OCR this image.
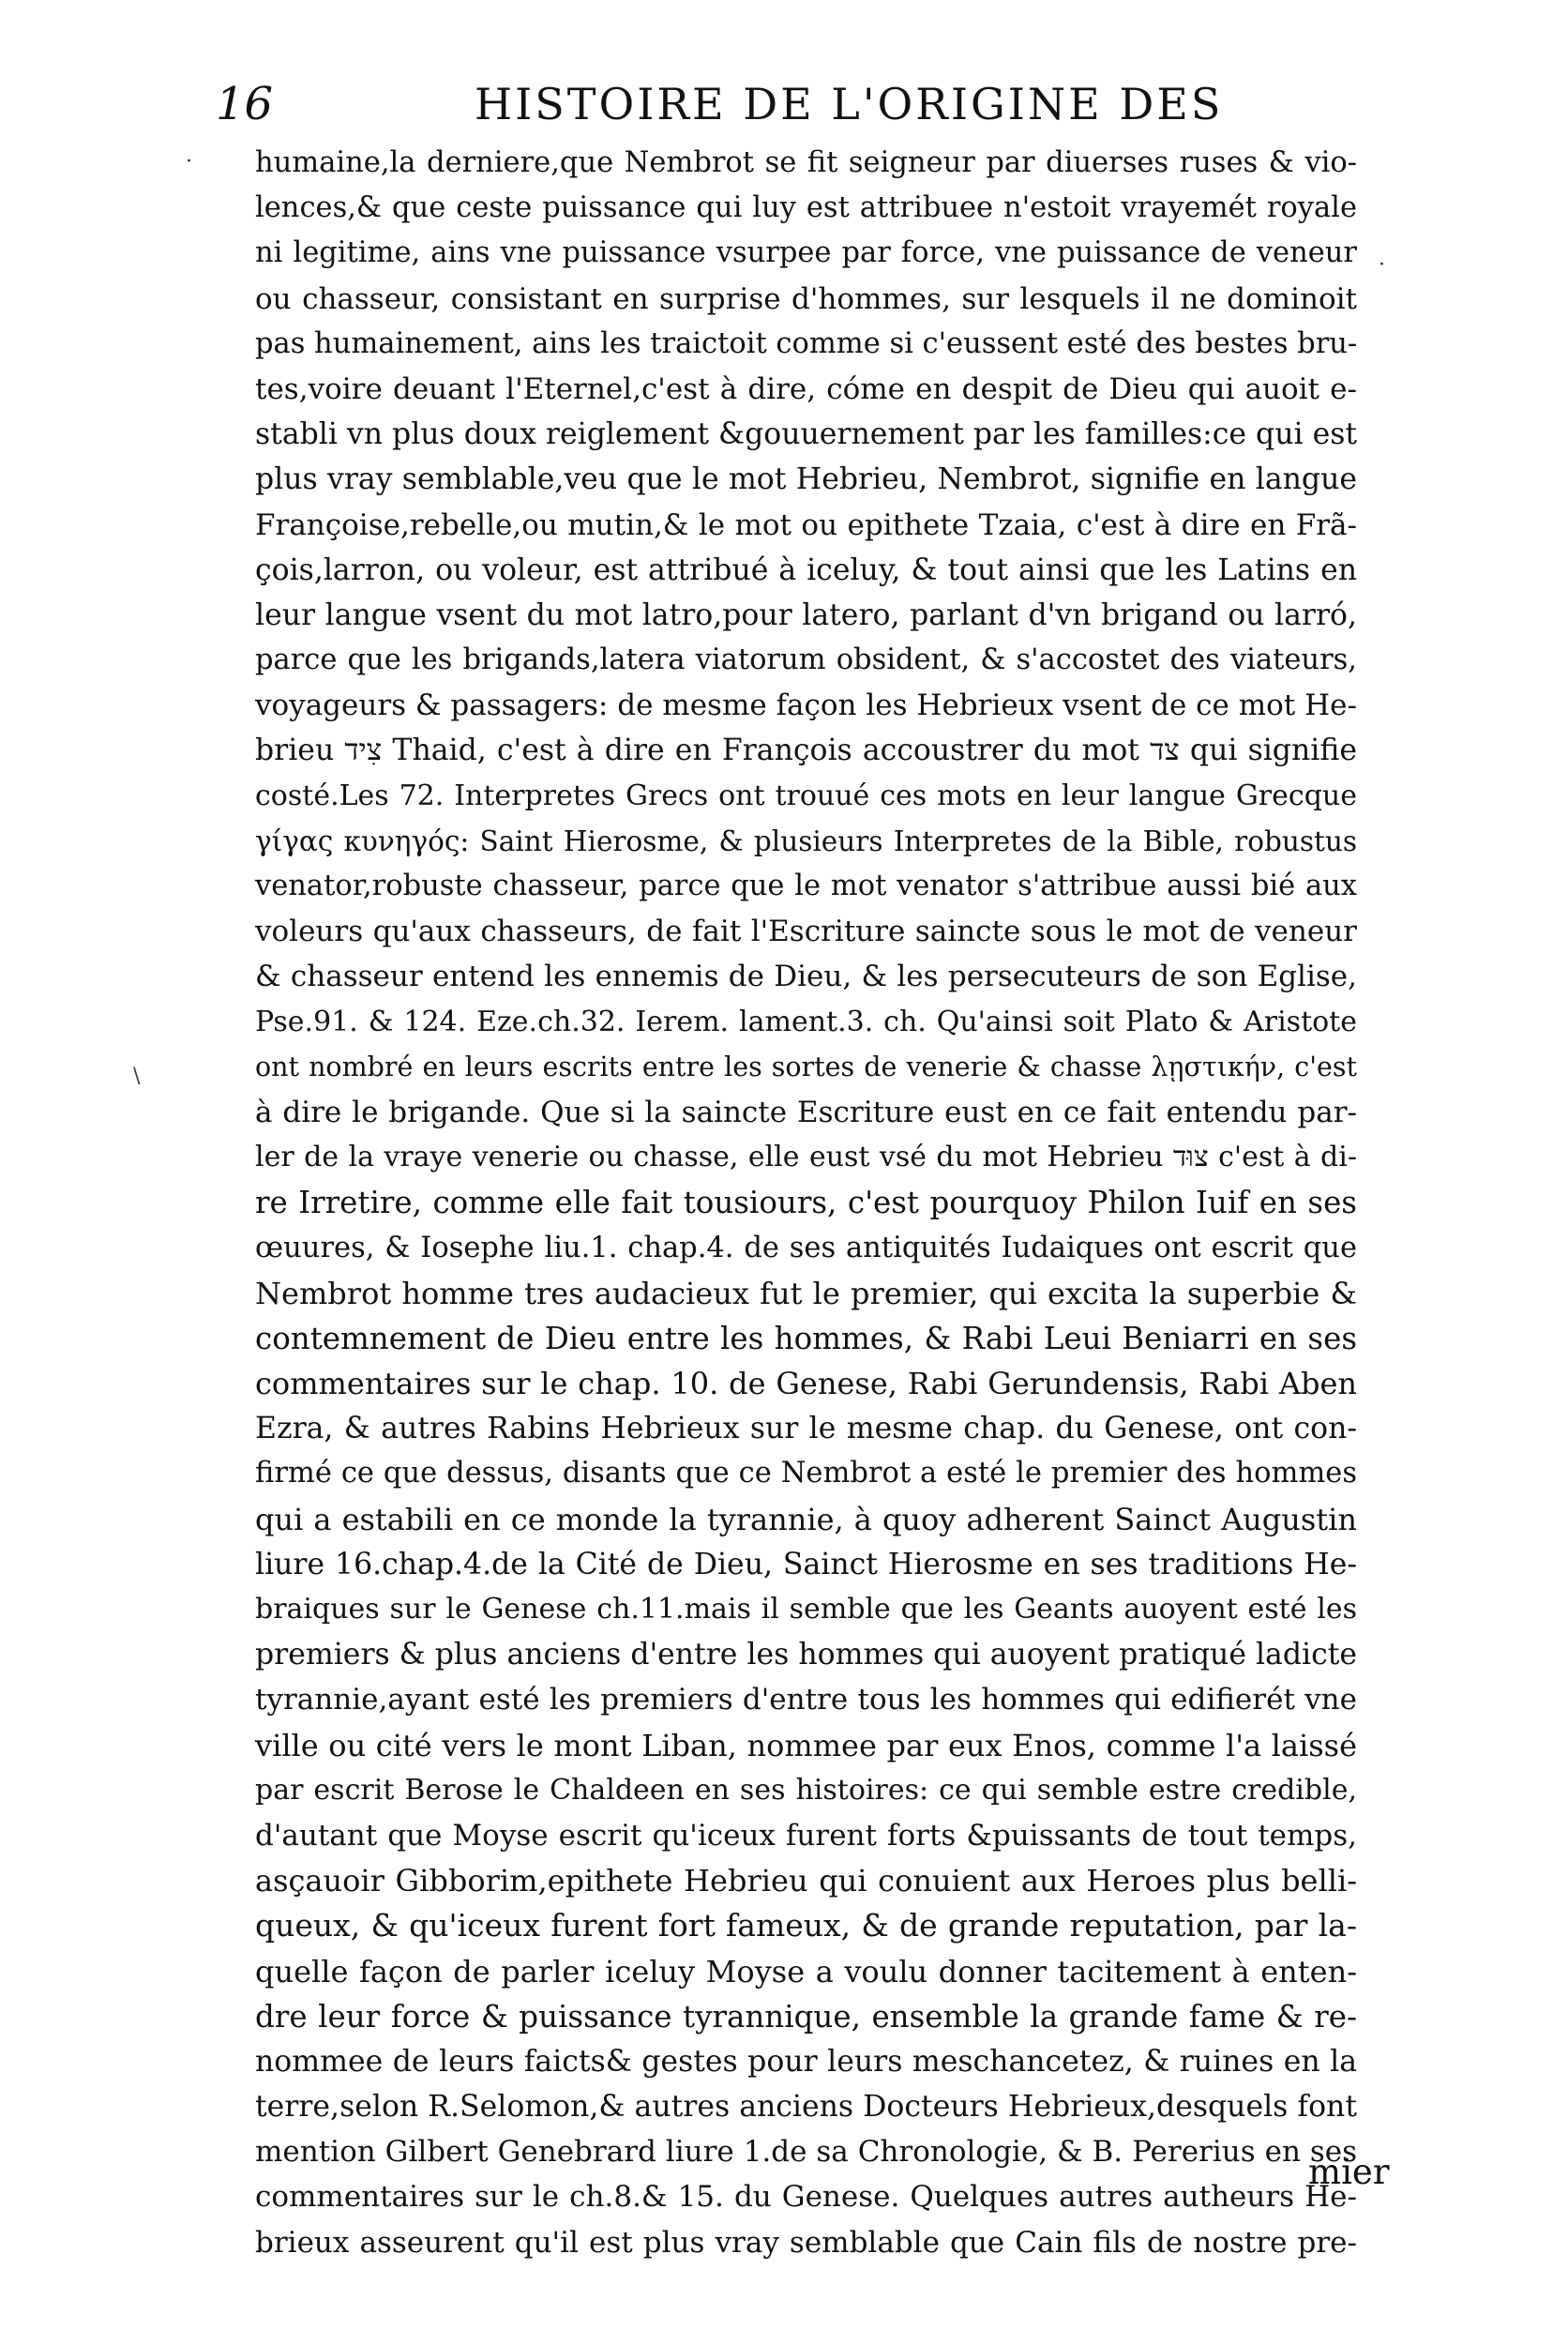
16	HISTOIRE DE L'ORIGINE DES
humaine,la derniere,que Nembrot se fit seigneur par diuerses ruses & vio-
lences,& que ceste puissance qui luy est attribuee n'estoit vrayemét royale
ni legitime, ains vne puissance vsurpee par force, vne puissance de veneur
ou chasseur, consistant en surprise d'hommes, sur lesquels il ne dominoit
pas humainement, ains les traictoit comme si c'eussent esté des bestes bru-
tes,voire deuant l'Eternel,c'est à dire, cóme en despit de Dieu qui auoit e-
stabli vn plus doux reiglement &gouuernement par les familles:ce qui est
plus vray semblable,veu que le mot Hebrieu, Nembrot, signifie en langue
Françoise,rebelle,ou mutin,& le mot ou epithete Tzaia, c'est à dire en Frã-
çois,larron, ou voleur, est attribué à iceluy, & tout ainsi que les Latins en
leur langue vsent du mot latro,pour latero, parlant d'vn brigand ou larró,
parce que les brigands,latera viatorum obsident, & s'accostet des viateurs,
voyageurs & passagers: de mesme façon les Hebrieux vsent de ce mot He-
brieu צִיד Thaid, c'est à dire en François accoustrer du mot צד qui signifie
costé.Les 72. Interpretes Grecs ont trouué ces mots en leur langue Grecque
γίγας κυνηγός: Saint Hierosme, & plusieurs Interpretes de la Bible, robustus
venator,robuste chasseur, parce que le mot venator s'attribue aussi bié aux
voleurs qu'aux chasseurs, de fait l'Escriture saincte sous le mot de veneur
& chasseur entend les ennemis de Dieu, & les persecuteurs de son Eglise,
Pse.91. & 124. Eze.ch.32. Ierem. lament.3. ch. Qu'ainsi soit Plato & Aristote
ont nombré en leurs escrits entre les sortes de venerie & chasse λῃστικήν, c'est
à dire le brigande. Que si la saincte Escriture eust en ce fait entendu par-
ler de la vraye venerie ou chasse, elle eust vsé du mot Hebrieu צוּד c'est à di-
re Irretire, comme elle fait tousiours, c'est pourquoy Philon Iuif en ses
œuures, & Iosephe liu.1. chap.4. de ses antiquités Iudaiques ont escrit que
Nembrot homme tres audacieux fut le premier, qui excita la superbie &
contemnement de Dieu entre les hommes, & Rabi Leui Beniarri en ses
commentaires sur le chap. 10. de Genese, Rabi Gerundensis, Rabi Aben
Ezra, & autres Rabins Hebrieux sur le mesme chap. du Genese, ont con-
firmé ce que dessus, disants que ce Nembrot a esté le premier des hommes
qui a estabili en ce monde la tyrannie, à quoy adherent Sainct Augustin
liure 16.chap.4.de la Cité de Dieu, Sainct Hierosme en ses traditions He-
braiques sur le Genese ch.11.mais il semble que les Geants auoyent esté les
premiers & plus anciens d'entre les hommes qui auoyent pratiqué ladicte
tyrannie,ayant esté les premiers d'entre tous les hommes qui edifierét vne
ville ou cité vers le mont Liban, nommee par eux Enos, comme l'a laissé
par escrit Berose le Chaldeen en ses histoires: ce qui semble estre credible,
d'autant que Moyse escrit qu'iceux furent forts &puissants de tout temps,
asçauoir Gibborim,epithete Hebrieu qui conuient aux Heroes plus belli-
queux, & qu'iceux furent fort fameux, & de grande reputation, par la-
quelle façon de parler iceluy Moyse a voulu donner tacitement à enten-
dre leur force & puissance tyrannique, ensemble la grande fame & re-
nommee de leurs faicts& gestes pour leurs meschancetez, & ruines en la
terre,selon R.Selomon,& autres anciens Docteurs Hebrieux,desquels font
mention Gilbert Genebrard liure 1.de sa Chronologie, & B. Pererius en ses
commentaires sur le ch.8.& 15. du Genese. Quelques autres autheurs He-
brieux asseurent qu'il est plus vray semblable que Cain fils de nostre pre-
mier
·
\
·
